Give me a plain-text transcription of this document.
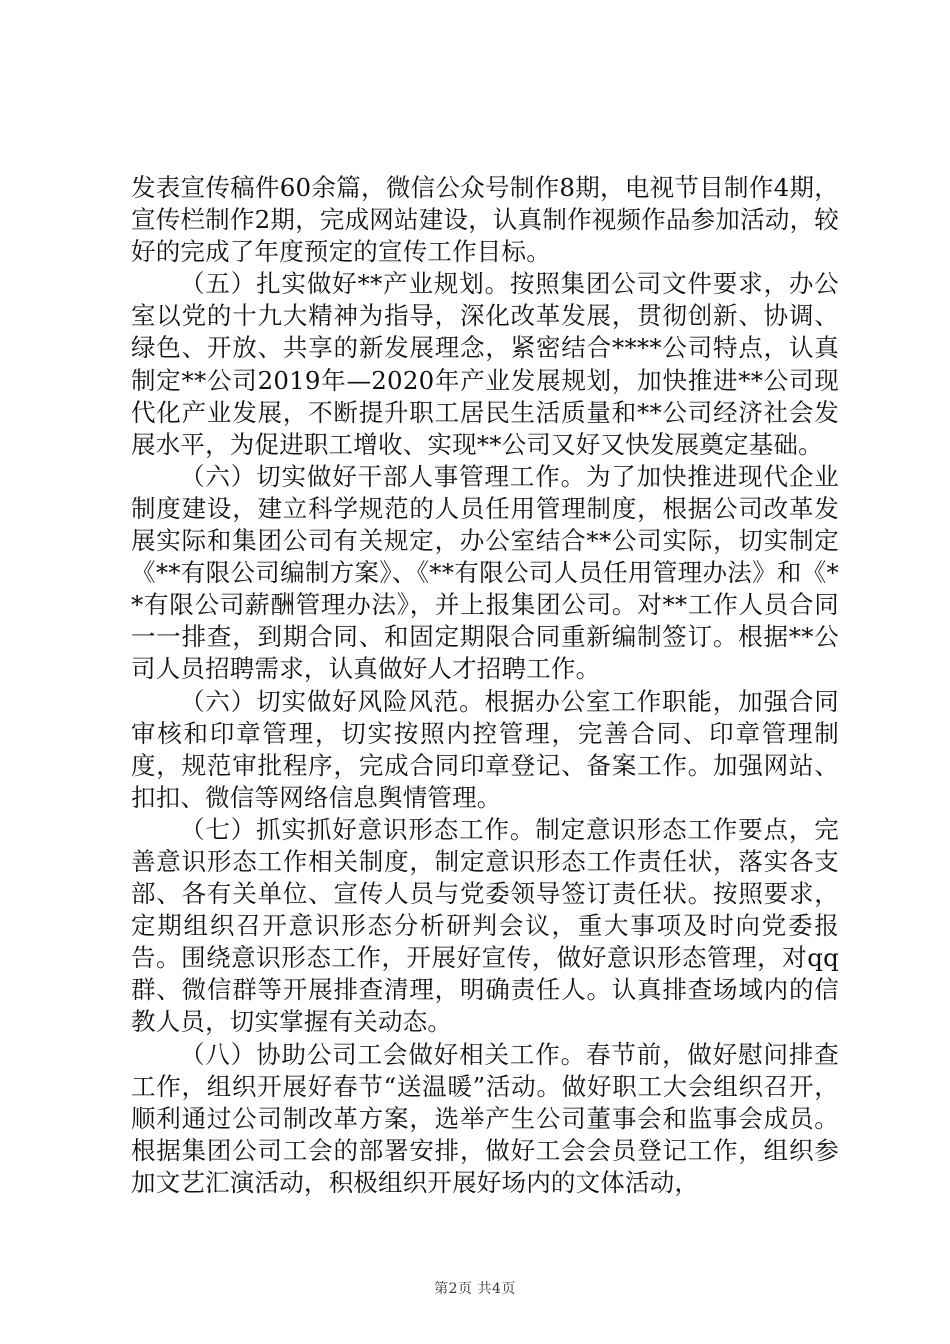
发表宣传稿件60余篇，微信公众号制作8期，电视节目制作4期，宣传栏制作2期，完成网站建设，认真制作视频作品参加活动，较好的完成了年度预定的宣传工作目标。

（五）扎实做好**产业规划。按照集团公司文件要求，办公室以党的十九大精神为指导，深化改革发展，贯彻创新、协调、绿色、开放、共享的新发展理念，紧密结合****公司特点，认真制定**公司2019年—2020年产业发展规划，加快推进**公司现代化产业发展，不断提升职工居民生活质量和**公司经济社会发展水平，为促进职工增收、实现**公司又好又快发展奠定基础。

（六）切实做好干部人事管理工作。为了加快推进现代企业制度建设，建立科学规范的人员任用管理制度，根据公司改革发展实际和集团公司有关规定，办公室结合**公司实际，切实制定《**有限公司编制方案》、《**有限公司人员任用管理办法》和《**有限公司薪酬管理办法》，并上报集团公司。对**工作人员合同一一排查，到期合同、和固定期限合同重新编制签订。根据**公司人员招聘需求，认真做好人才招聘工作。

（六）切实做好风险风范。根据办公室工作职能，加强合同审核和印章管理，切实按照内控管理，完善合同、印章管理制度，规范审批程序，完成合同印章登记、备案工作。加强网站、扣扣、微信等网络信息舆情管理。

（七）抓实抓好意识形态工作。制定意识形态工作要点，完善意识形态工作相关制度，制定意识形态工作责任状，落实各支部、各有关单位、宣传人员与党委领导签订责任状。按照要求，定期组织召开意识形态分析研判会议，重大事项及时向党委报告。围绕意识形态工作，开展好宣传，做好意识形态管理，对qq群、微信群等开展排查清理，明确责任人。认真排查场域内的信教人员，切实掌握有关动态。

（八）协助公司工会做好相关工作。春节前，做好慰问排查工作，组织开展好春节“送温暖”活动。做好职工大会组织召开，顺利通过公司制改革方案，选举产生公司董事会和监事会成员。根据集团公司工会的部署安排，做好工会会员登记工作，组织参加文艺汇演活动，积极组织开展好场内的文体活动，

第2页 共4页
